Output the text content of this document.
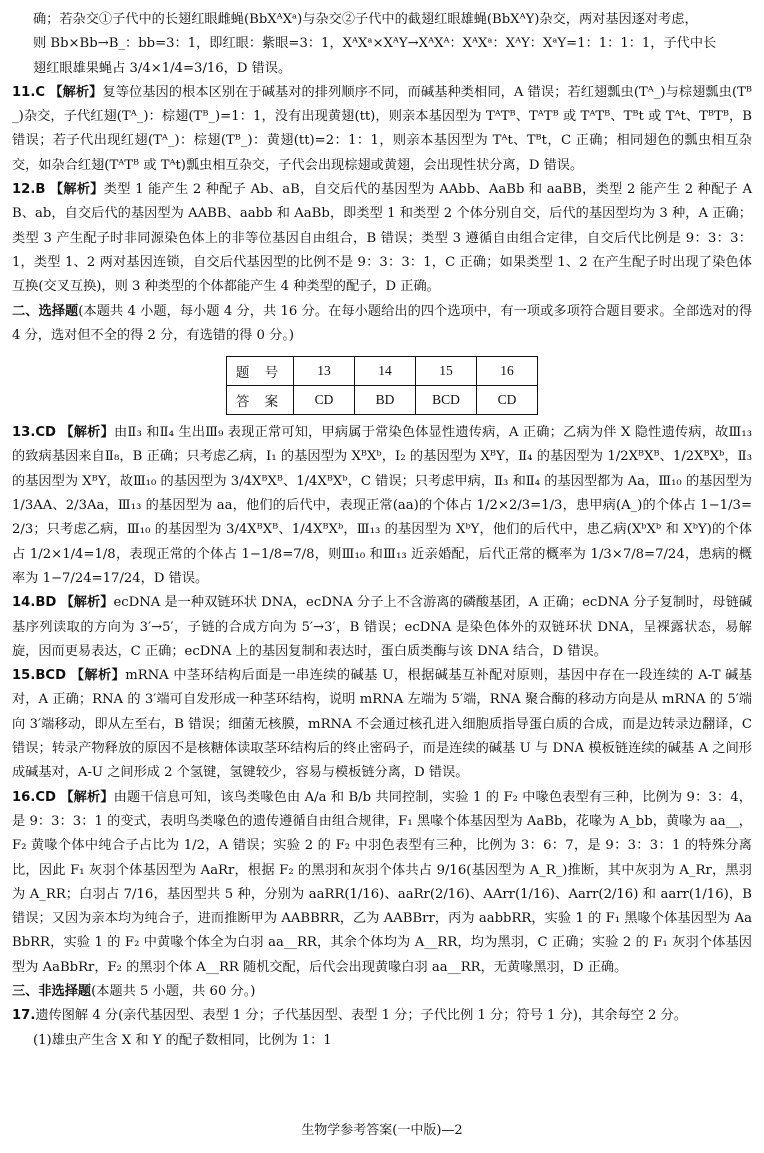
确；若杂交①子代中的长翅红眼雌蝇(BbXᴬXᵃ)与杂交②子代中的截翅红眼雄蝇(BbXᴬY)杂交，两对基因逐对考虑，

则 Bb×Bb→B_：bb=3：1，即红眼：紫眼=3：1，XᴬXᵃ×XᴬY→XᴬXᴬ：XᴬXᵃ：XᴬY：XᵃY=1：1：1：1，子代中长

翅红眼雄果蝇占 3/4×1/4=3/16，D 错误。

11.C 【解析】复等位基因的根本区别在于碱基对的排列顺序不同，而碱基种类相同，A 错误；若红翅瓢虫(Tᴬ_)与棕翅瓢虫(Tᴮ_)杂交，子代红翅(Tᴬ_)：棕翅(Tᴮ_)=1：1，没有出现黄翅(tt)，则亲本基因型为 TᴬTᴮ、TᴬTᴮ 或 TᴬTᴮ、Tᴮt 或 Tᴬt、TᴮTᴮ，B 错误；若子代出现红翅(Tᴬ_)：棕翅(Tᴮ_)：黄翅(tt)=2：1：1，则亲本基因型为 Tᴬt、Tᴮt，C 正确；相同翅色的瓢虫相互杂交，如杂合红翅(TᴬTᴮ 或 Tᴬt)瓢虫相互杂交，子代会出现棕翅或黄翅，会出现性状分离，D 错误。

12.B 【解析】类型 1 能产生 2 种配子 Ab、aB，自交后代的基因型为 AAbb、AaBb 和 aaBB，类型 2 能产生 2 种配子 AB、ab，自交后代的基因型为 AABB、aabb 和 AaBb，即类型 1 和类型 2 个体分别自交，后代的基因型均为 3 种，A 正确；类型 3 产生配子时非同源染色体上的非等位基因自由组合，B 错误；类型 3 遵循自由组合定律，自交后代比例是 9：3：3：1，类型 1、2 两对基因连锁，自交后代基因型的比例不是 9：3：3：1，C 正确；如果类型 1、2 在产生配子时出现了染色体互换(交叉互换)，则 3 种类型的个体都能产生 4 种类型的配子，D 正确。

二、选择题(本题共 4 小题，每小题 4 分，共 16 分。在每小题给出的四个选项中，有一项或多项符合题目要求。全部选对的得 4 分，选对但不全的得 2 分，有选错的得 0 分。)

题 号	13	14	15	16
答 案	CD	BD	BCD	CD

13.CD 【解析】由Ⅱ₃ 和Ⅱ₄ 生出Ⅲ₉ 表现正常可知，甲病属于常染色体显性遗传病，A 正确；乙病为伴 X 隐性遗传病，故Ⅲ₁₃ 的致病基因来自Ⅱ₈，B 正确；只考虑乙病，Ⅰ₁ 的基因型为 XᴮXᵇ，Ⅰ₂ 的基因型为 XᴮY，Ⅱ₄ 的基因型为 1/2XᴮXᴮ、1/2XᴮXᵇ，Ⅱ₃ 的基因型为 XᴮY，故Ⅲ₁₀ 的基因型为 3/4XᴮXᴮ、1/4XᴮXᵇ，C 错误；只考虑甲病，Ⅱ₃ 和Ⅱ₄ 的基因型都为 Aa，Ⅲ₁₀ 的基因型为 1/3AA、2/3Aa，Ⅲ₁₃ 的基因型为 aa，他们的后代中，表现正常(aa)的个体占 1/2×2/3=1/3，患甲病(A_)的个体占 1−1/3=2/3；只考虑乙病，Ⅲ₁₀ 的基因型为 3/4XᴮXᴮ、1/4XᴮXᵇ，Ⅲ₁₃ 的基因型为 XᵇY，他们的后代中，患乙病(XᵇXᵇ 和 XᵇY)的个体占 1/2×1/4=1/8，表现正常的个体占 1−1/8=7/8，则Ⅲ₁₀ 和Ⅲ₁₃ 近亲婚配，后代正常的概率为 1/3×7/8=7/24，患病的概率为 1−7/24=17/24，D 错误。

14.BD 【解析】ecDNA 是一种双链环状 DNA，ecDNA 分子上不含游离的磷酸基团，A 正确；ecDNA 分子复制时，母链碱基序列读取的方向为 3′→5′，子链的合成方向为 5′→3′，B 错误；ecDNA 是染色体外的双链环状 DNA，呈裸露状态，易解旋，因而更易表达，C 正确；ecDNA 上的基因复制和表达时，蛋白质类酶与该 DNA 结合，D 错误。

15.BCD 【解析】mRNA 中茎环结构后面是一串连续的碱基 U，根据碱基互补配对原则，基因中存在一段连续的 A-T 碱基对，A 正确；RNA 的 3′端可自发形成一种茎环结构，说明 mRNA 左端为 5′端，RNA 聚合酶的移动方向是从 mRNA 的 5′端向 3′端移动，即从左至右，B 错误；细菌无核膜，mRNA 不会通过核孔进入细胞质指导蛋白质的合成，而是边转录边翻译，C 错误；转录产物释放的原因不是核糖体读取茎环结构后的终止密码子，而是连续的碱基 U 与 DNA 模板链连续的碱基 A 之间形成碱基对，A-U 之间形成 2 个氢键，氢键较少，容易与模板链分离，D 错误。

16.CD 【解析】由题干信息可知，该鸟类喙色由 A/a 和 B/b 共同控制，实验 1 的 F₂ 中喙色表型有三种，比例为 9：3：4，是 9：3：3：1 的变式，表明鸟类喙色的遗传遵循自由组合规律，F₁ 黑喙个体基因型为 AaBb，花喙为 A_bb，黄喙为 aa__，F₂ 黄喙个体中纯合子占比为 1/2，A 错误；实验 2 的 F₂ 中羽色表型有三种，比例为 3：6：7，是 9：3：3：1 的特殊分离比，因此 F₁ 灰羽个体基因型为 AaRr，根据 F₂ 的黑羽和灰羽个体共占 9/16(基因型为 A_R_)推断，其中灰羽为 A_Rr，黑羽为 A_RR；白羽占 7/16，基因型共 5 种，分别为 aaRR(1/16)、aaRr(2/16)、AArr(1/16)、Aarr(2/16) 和 aarr(1/16)，B 错误；又因为亲本均为纯合子，进而推断甲为 AABBRR，乙为 AABBrr，丙为 aabbRR，实验 1 的 F₁ 黑喙个体基因型为 AaBbRR，实验 1 的 F₂ 中黄喙个体全为白羽 aa__RR，其余个体均为 A__RR，均为黑羽，C 正确；实验 2 的 F₁ 灰羽个体基因型为 AaBbRr，F₂ 的黑羽个体 A__RR 随机交配，后代会出现黄喙白羽 aa__RR，无黄喙黑羽，D 正确。

三、非选择题(本题共 5 小题，共 60 分。)

17.遗传图解 4 分(亲代基因型、表型 1 分；子代基因型、表型 1 分；子代比例 1 分；符号 1 分)，其余每空 2 分。

(1)雄虫产生含 X 和 Y 的配子数相同，比例为 1：1

生物学参考答案(一中版)—2
